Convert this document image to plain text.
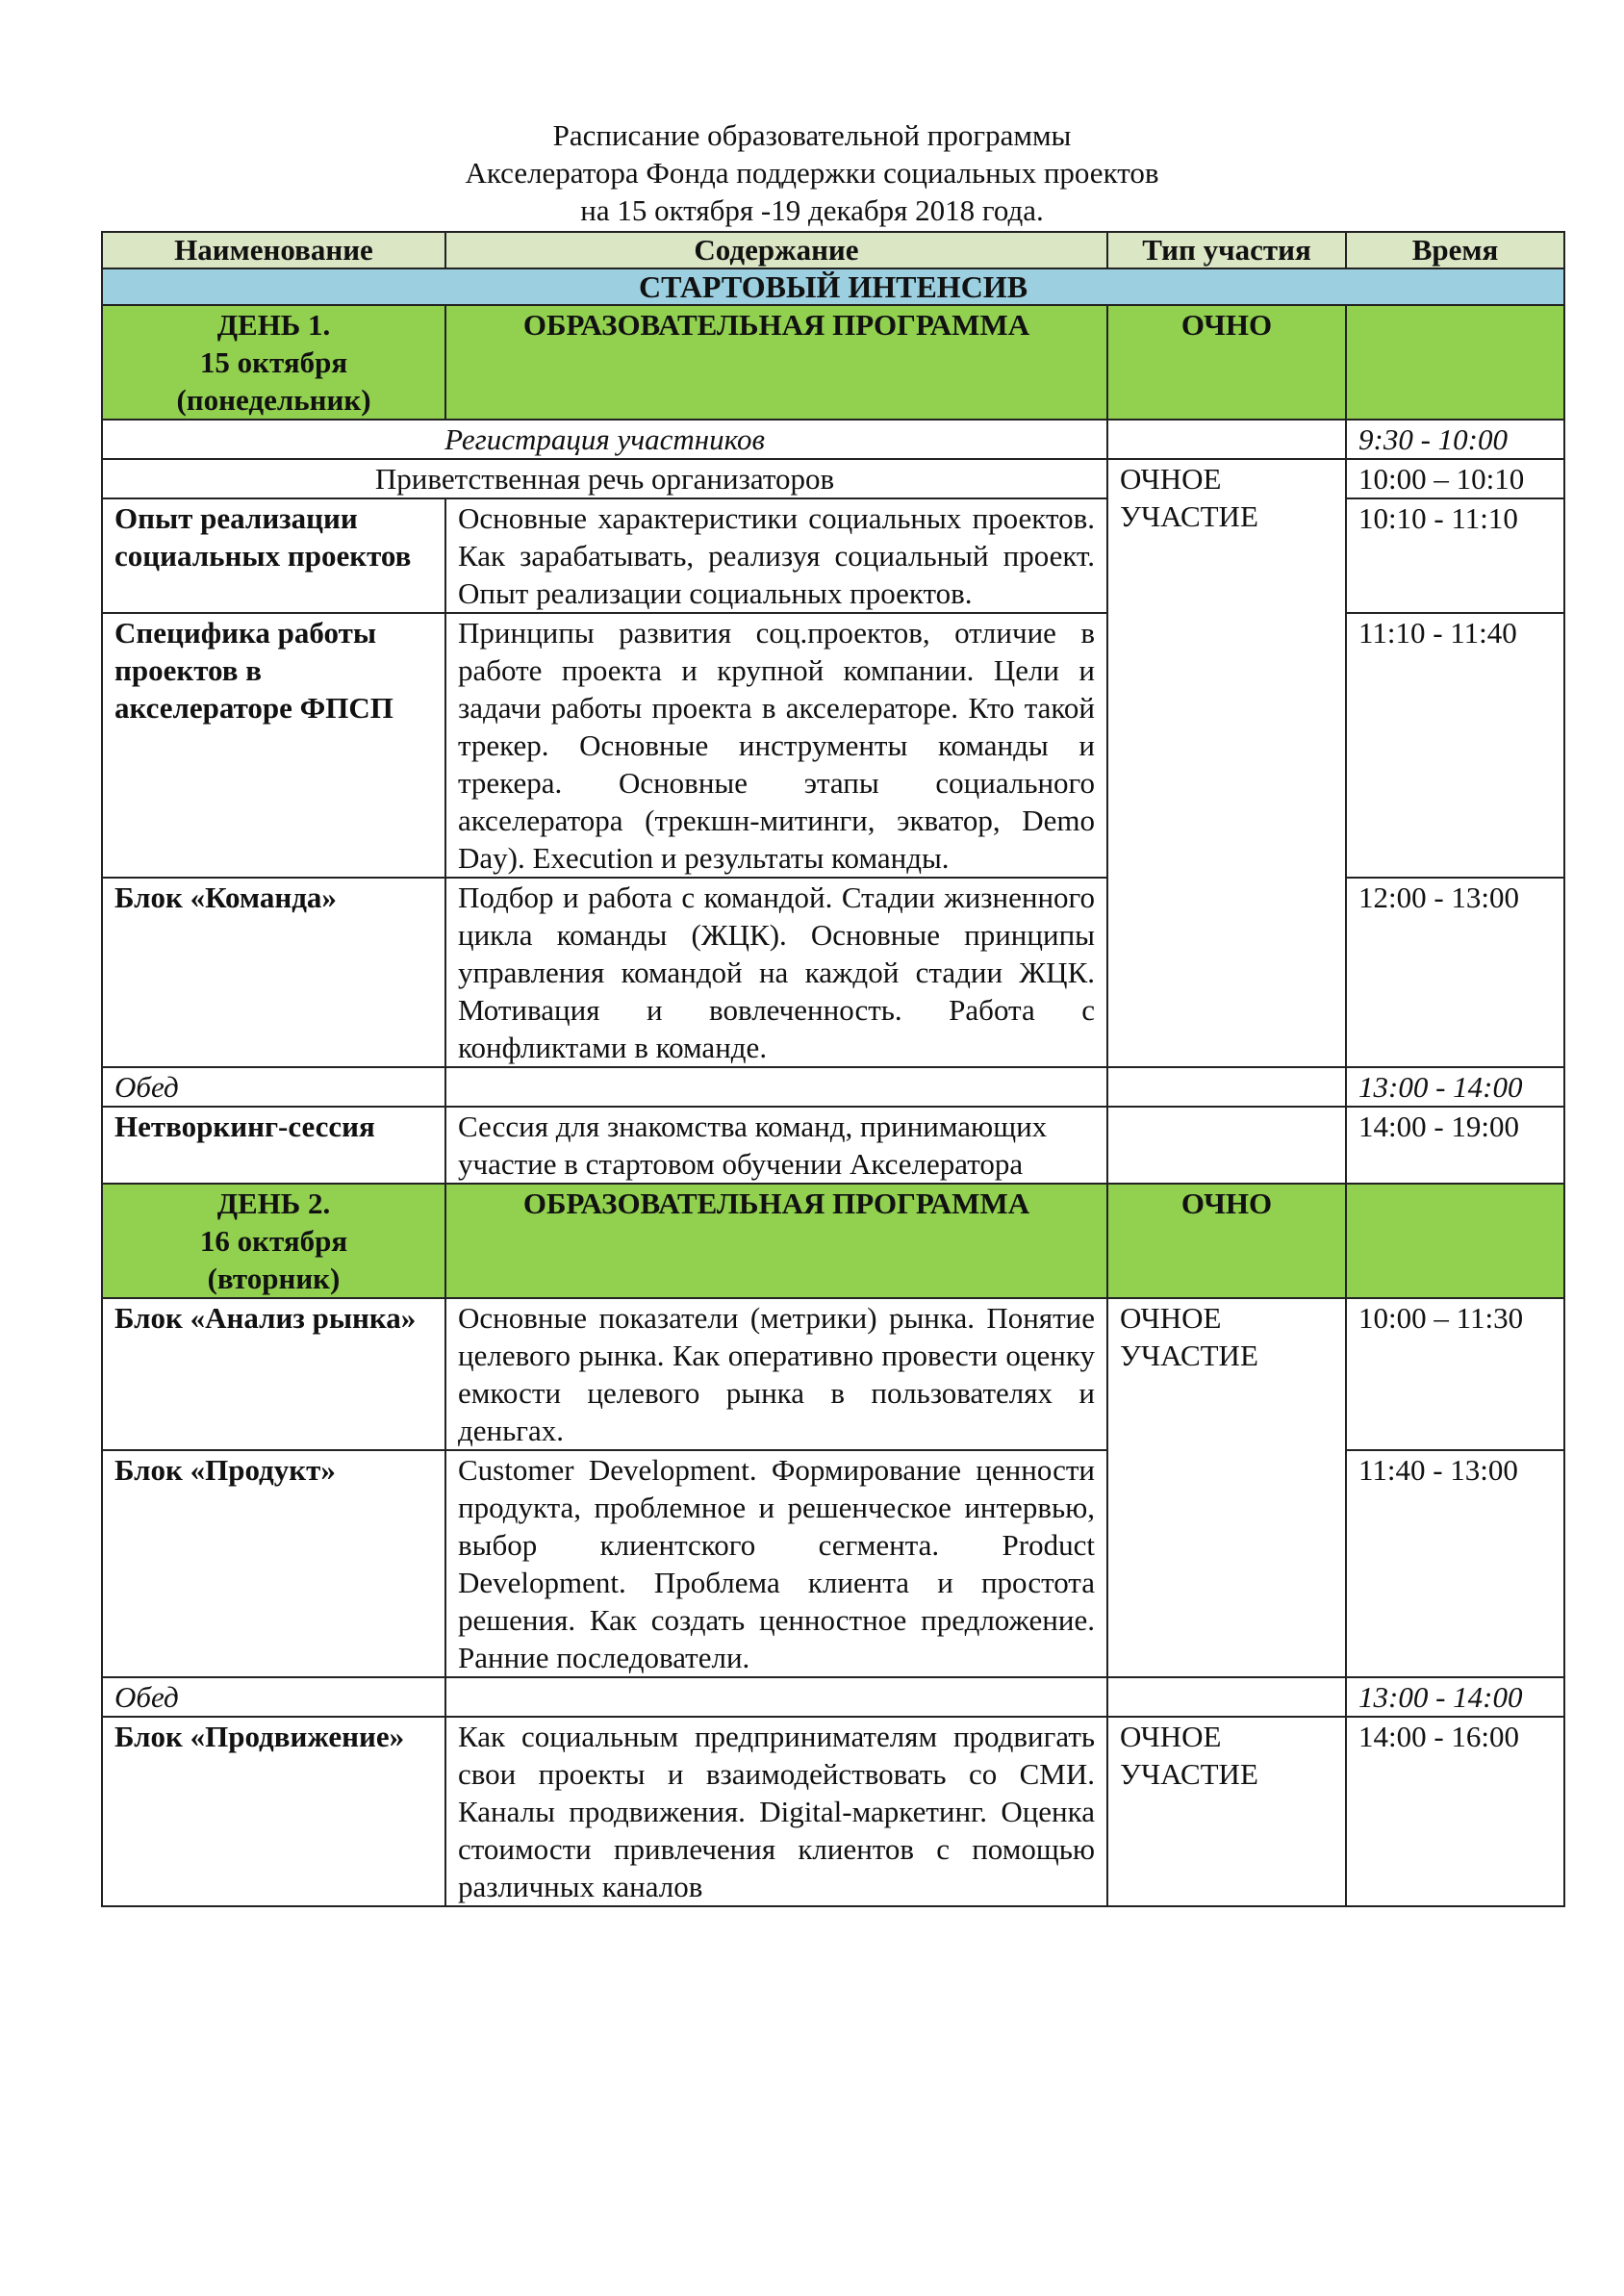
Расписание образовательной программы
Акселератора Фонда поддержки социальных проектов
на 15 октября -19 декабря 2018 года.
Наименование	Содержание	Тип участия	Время
СТАРТОВЫЙ ИНТЕНСИВ			

ДЕНЬ 1.
15 октября
(понедельник)	ОБРАЗОВАТЕЛЬНАЯ ПРОГРАММА	ОЧНО	
Регистрация участников			9:30 - 10:00
Приветственная речь организаторов		ОЧНОЕ УЧАСТИЕ	10:00 – 10:10
Опыт реализации социальных проектов	Основные характеристики социальных проектов. Как зарабатывать, реализуя социальный проект. Опыт реализации социальных проектов.		10:10 - 11:10
Специфика работы проектов в акселераторе ФПСП	Принципы развития соц.проектов, отличие в работе проекта и крупной компании. Цели и задачи работы проекта в акселераторе. Кто такой трекер. Основные инструменты команды и трекера. Основные этапы социального акселератора (трекшн-митинги, экватор, Demo Day). Execution и результаты команды.		11:10 - 11:40
Блок «Команда»	Подбор и работа с командой. Стадии жизненного цикла команды (ЖЦК). Основные принципы управления командой на каждой стадии ЖЦК. Мотивация и вовлеченность. Работа с конфликтами в команде.		12:00 - 13:00
Обед			13:00 - 14:00
Нетворкинг-сессия	Сессия для знакомства команд, принимающих участие в стартовом обучении Акселератора		14:00 - 19:00

ДЕНЬ 2.
16 октября
(вторник)	ОБРАЗОВАТЕЛЬНАЯ ПРОГРАММА	ОЧНО	
Блок «Анализ рынка»	Основные показатели (метрики) рынка. Понятие целевого рынка. Как оперативно провести оценку емкости целевого рынка в пользователях и деньгах.	ОЧНОЕ УЧАСТИЕ	10:00 – 11:30
Блок «Продукт»	Customer Development. Формирование ценности продукта, проблемное и решенческое интервью, выбор клиентского сегмента. Product Development. Проблема клиента и простота решения. Как создать ценностное предложение. Ранние последователи.		11:40 - 13:00
Обед			13:00 - 14:00
Блок «Продвижение»	Как социальным предпринимателям продвигать свои проекты и взаимодействовать со СМИ. Каналы продвижения. Digital-маркетинг. Оценка стоимости привлечения клиентов с помощью различных каналов	ОЧНОЕ УЧАСТИЕ	14:00 - 16:00
